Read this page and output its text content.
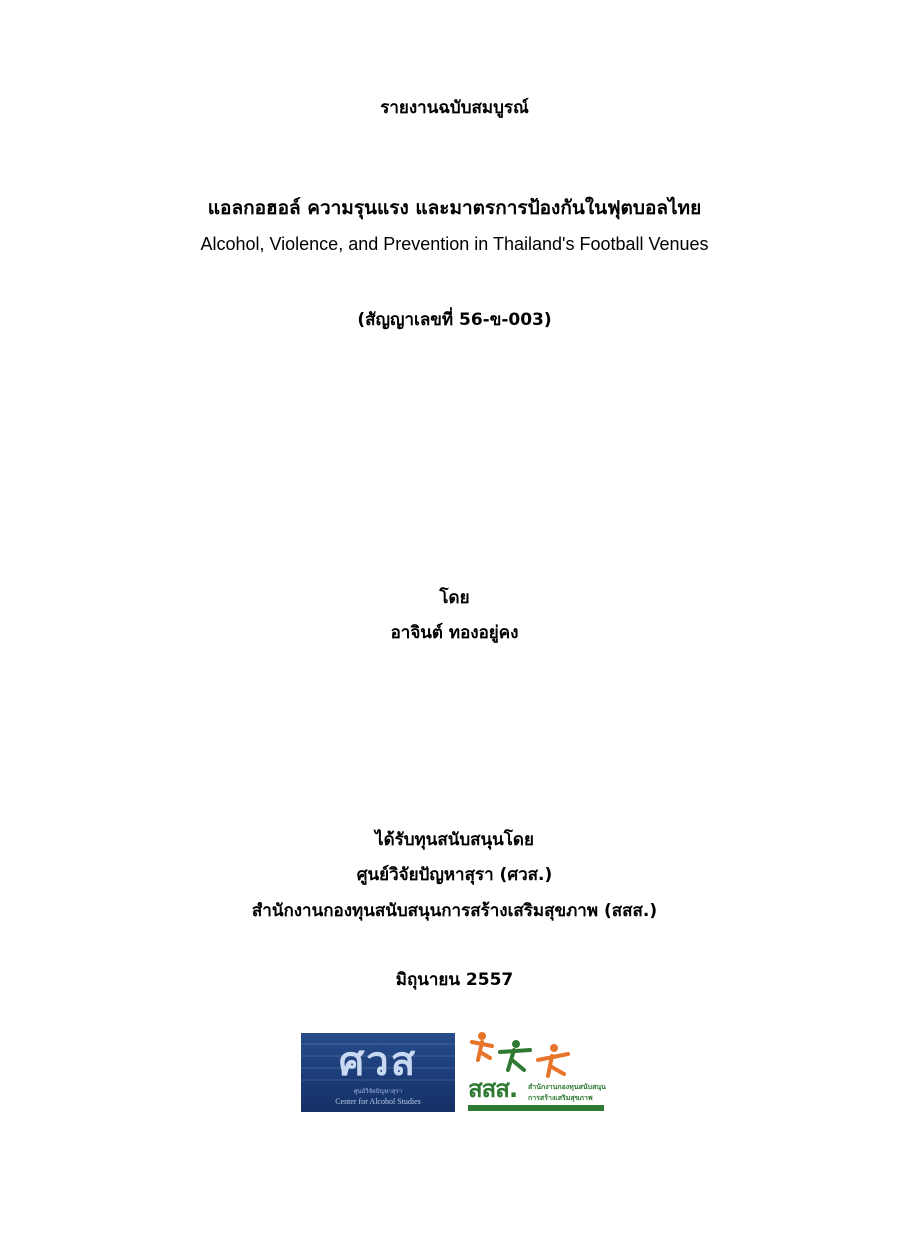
รายงานฉบับสมบูรณ์
แอลกอฮอล์ ความรุนแรง และมาตรการป้องกันในฟุตบอลไทย
Alcohol, Violence, and Prevention in Thailand's Football Venues
(สัญญาเลขที่ 56-ข-003)
โดย
อาจินต์ ทองอยู่คง
ได้รับทุนสนับสนุนโดย
ศูนย์วิจัยปัญหาสุรา (ศวส.)
สำนักงานกองทุนสนับสนุนการสร้างเสริมสุขภาพ (สสส.)
มิถุนายน 2557
ศวส
ศูนย์วิจัยปัญหาสุรา
Center for Alcohol Studies	สสส. สำนักงานกองทุนสนับสนุน
การสร้างเสริมสุขภาพ
